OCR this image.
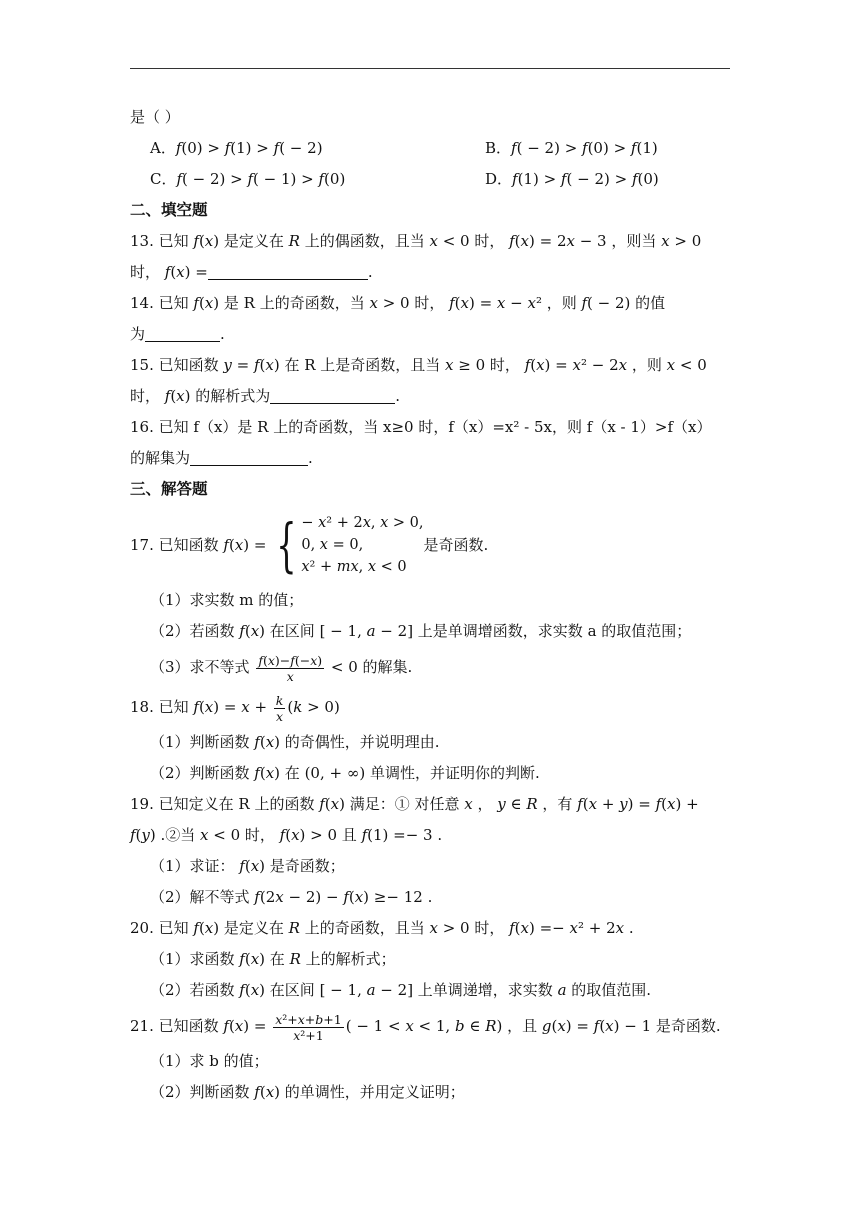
是（ ）
A．𝑓(0) > 𝑓(1) > 𝑓( − 2)	B．𝑓( − 2) > 𝑓(0) > 𝑓(1)
C．𝑓( − 2) > 𝑓( − 1) > 𝑓(0)	D．𝑓(1) > 𝑓( − 2) > 𝑓(0)
二、填空题
13. 已知 𝑓(𝑥) 是定义在 𝑅 上的偶函数，且当 𝑥 < 0 时， 𝑓(𝑥) = 2𝑥 − 3 ，则当 𝑥 > 0
时， 𝑓(𝑥) =	.
14. 已知 𝑓(𝑥) 是 R 上的奇函数，当 𝑥 > 0 时， 𝑓(𝑥) = 𝑥 − 𝑥² ，则 𝑓( − 2) 的值
为	.
15. 已知函数 𝑦 = 𝑓(𝑥) 在 R 上是奇函数，且当 𝑥 ≥ 0 时， 𝑓(𝑥) = 𝑥² − 2𝑥 ，则 𝑥 < 0
时， 𝑓(𝑥) 的解析式为	.
16. 已知 f（x）是 R 上的奇函数，当 x≥0 时，f（x）=x² - 5x，则 f（x - 1）>f（x）
的解集为	.
三、解答题
17. 已知函数 𝑓(𝑥) = { − 𝑥² + 2𝑥, 𝑥 > 0,
0, 𝑥 = 0,
𝑥² + 𝑚𝑥, 𝑥 < 0
是奇函数.
（1）求实数 m 的值；
（2）若函数 𝑓(𝑥) 在区间 [ − 1, 𝑎 − 2] 上是单调增函数，求实数 a 的取值范围；
（3）求不等式 $\frac{\text{𝑓(𝑥)−𝑓(−𝑥)}}{\text{𝑥}} < 0$ 的解集.
18. 已知 𝑓(𝑥) = 𝑥 + $\frac{\text{𝑘}}{\text{𝑥}}$ (𝑘 > 0)
（1）判断函数 𝑓(𝑥) 的奇偶性，并说明理由.
（2）判断函数 𝑓(𝑥) 在 (0, + ∞) 单调性，并证明你的判断.
19. 已知定义在 R 上的函数 𝑓(𝑥) 满足：① 对任意 𝑥 ， 𝑦 ∈ 𝑅 ，有 𝑓(𝑥 + 𝑦) = 𝑓(𝑥) +
𝑓(𝑦) .②当 𝑥 < 0 时， 𝑓(𝑥) > 0 且 𝑓(1) =− 3 .
（1）求证： 𝑓(𝑥) 是奇函数；
（2）解不等式 𝑓(2𝑥 − 2) − 𝑓(𝑥) ≥− 12 .
20. 已知 𝑓(𝑥) 是定义在 𝑅 上的奇函数，且当 𝑥 > 0 时， 𝑓(𝑥) =− 𝑥² + 2𝑥 .
（1）求函数 𝑓(𝑥) 在 𝑅 上的解析式；
（2）若函数 𝑓(𝑥) 在区间 [ − 1, 𝑎 − 2] 上单调递增，求实数 𝑎 的取值范围.
21. 已知函数 𝑓(𝑥) = $\frac{\text{𝑥²+𝑥+𝑏+1}}{\text{𝑥²+1}}$ ( − 1 < 𝑥 < 1, 𝑏 ∈ 𝑅) ，且 𝑔(𝑥) = 𝑓(𝑥) − 1 是奇函数.
（1）求 b 的值；
（2）判断函数 𝑓(𝑥) 的单调性，并用定义证明；
